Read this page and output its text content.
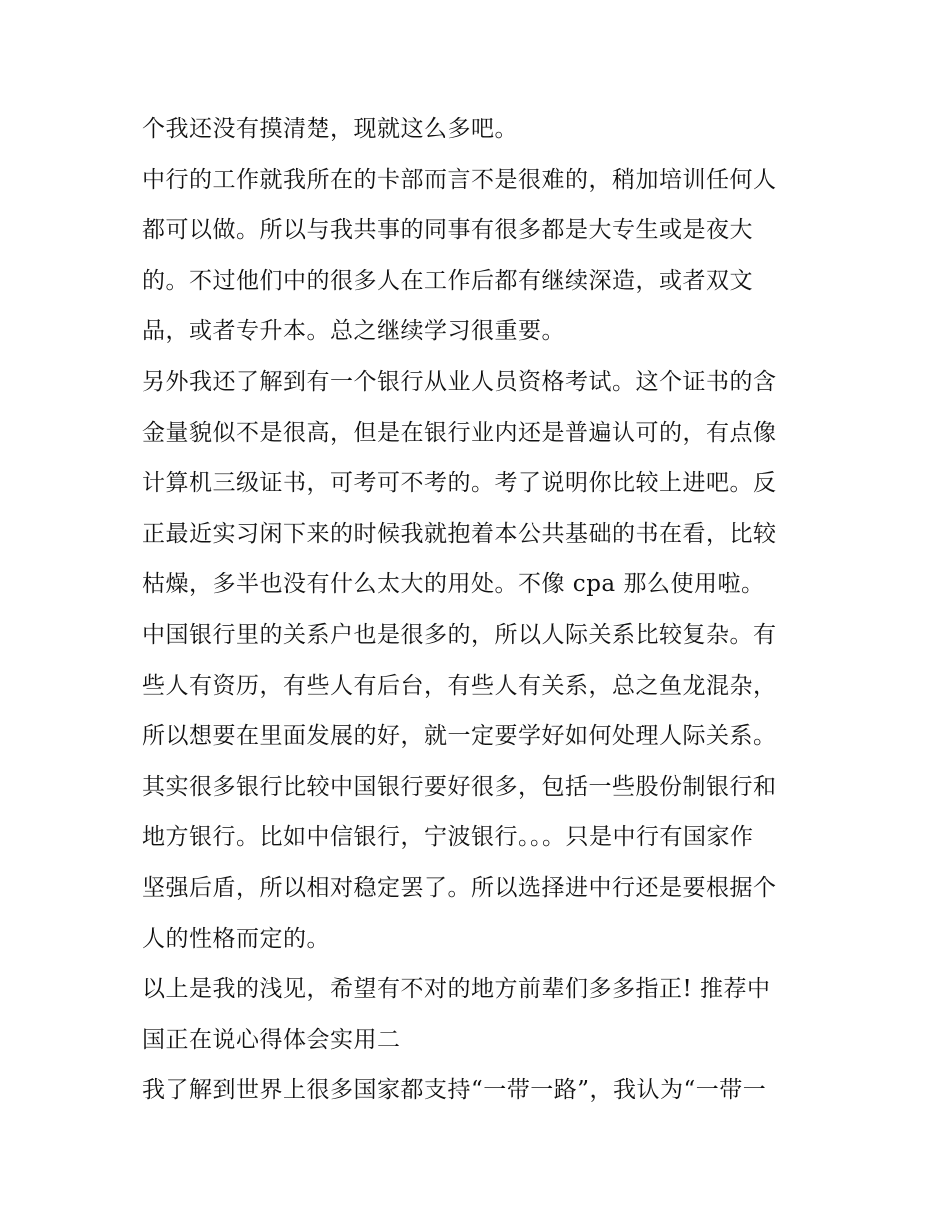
个我还没有摸清楚，现就这么多吧。
中行的工作就我所在的卡部而言不是很难的，稍加培训任何人
都可以做。所以与我共事的同事有很多都是大专生或是夜大
的。不过他们中的很多人在工作后都有继续深造，或者双文
品，或者专升本。总之继续学习很重要。
另外我还了解到有一个银行从业人员资格考试。这个证书的含
金量貌似不是很高，但是在银行业内还是普遍认可的，有点像
计算机三级证书，可考可不考的。考了说明你比较上进吧。反
正最近实习闲下来的时候我就抱着本公共基础的书在看，比较
枯燥，多半也没有什么太大的用处。不像 cpa 那么使用啦。
中国银行里的关系户也是很多的，所以人际关系比较复杂。有
些人有资历，有些人有后台，有些人有关系，总之鱼龙混杂，
所以想要在里面发展的好，就一定要学好如何处理人际关系。
其实很多银行比较中国银行要好很多，包括一些股份制银行和
地方银行。比如中信银行，宁波银行。。。只是中行有国家作
坚强后盾，所以相对稳定罢了。所以选择进中行还是要根据个
人的性格而定的。
以上是我的浅见，希望有不对的地方前辈们多多指正! 推荐中
国正在说心得体会实用二
我了解到世界上很多国家都支持“一带一路”，我认为“一带一
